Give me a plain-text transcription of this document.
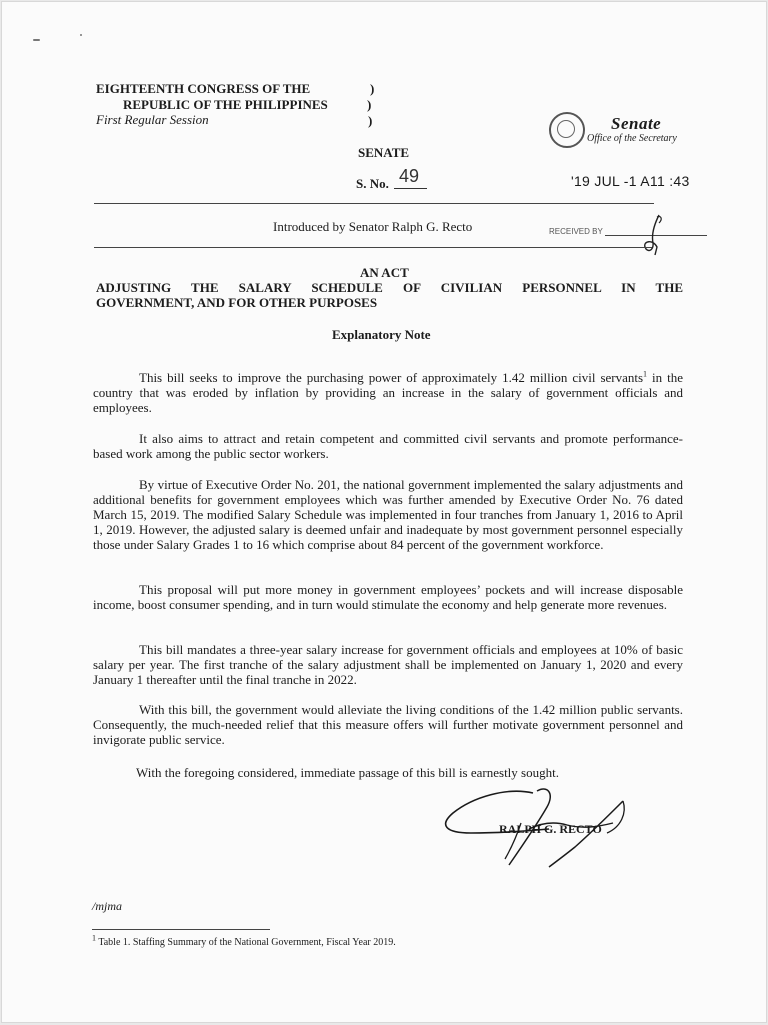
EIGHTEENTH CONGRESS OF THE
REPUBLIC OF THE PHILIPPINES
First Regular Session
)
)
)	Senate
Office of the Secretary
SENATE
S. No. 49	'19 JUL -1 A11 :43
Introduced by Senator Ralph G. Recto	RECEIVED BY
AN ACT
ADJUSTING THE SALARY SCHEDULE OF CIVILIAN PERSONNEL IN THE
GOVERNMENT, AND FOR OTHER PURPOSES
Explanatory Note

This bill seeks to improve the purchasing power of approximately 1.42 million civil servants$^1$ in the country that was eroded by inflation by providing an increase in the salary of government officials and employees.

It also aims to attract and retain competent and committed civil servants and promote performance-based work among the public sector workers.

By virtue of Executive Order No. 201, the national government implemented the salary adjustments and additional benefits for government employees which was further amended by Executive Order No. 76 dated March 15, 2019. The modified Salary Schedule was implemented in four tranches from January 1, 2016 to April 1, 2019. However, the adjusted salary is deemed unfair and inadequate by most government personnel especially those under Salary Grades 1 to 16 which comprise about 84 percent of the government workforce.

This proposal will put more money in government employees’ pockets and will increase disposable income, boost consumer spending, and in turn would stimulate the economy and help generate more revenues.

This bill mandates a three-year salary increase for government officials and employees at 10% of basic salary per year. The first tranche of the salary adjustment shall be implemented on January 1, 2020 and every January 1 thereafter until the final tranche in 2022.

With this bill, the government would alleviate the living conditions of the 1.42 million public servants. Consequently, the much-needed relief that this measure offers will further motivate government personnel and invigorate public service.

With the foregoing considered, immediate passage of this bill is earnestly sought.
RALPH G. RECTO
/mjma
$^1$ Table 1. Staffing Summary of the National Government, Fiscal Year 2019.
